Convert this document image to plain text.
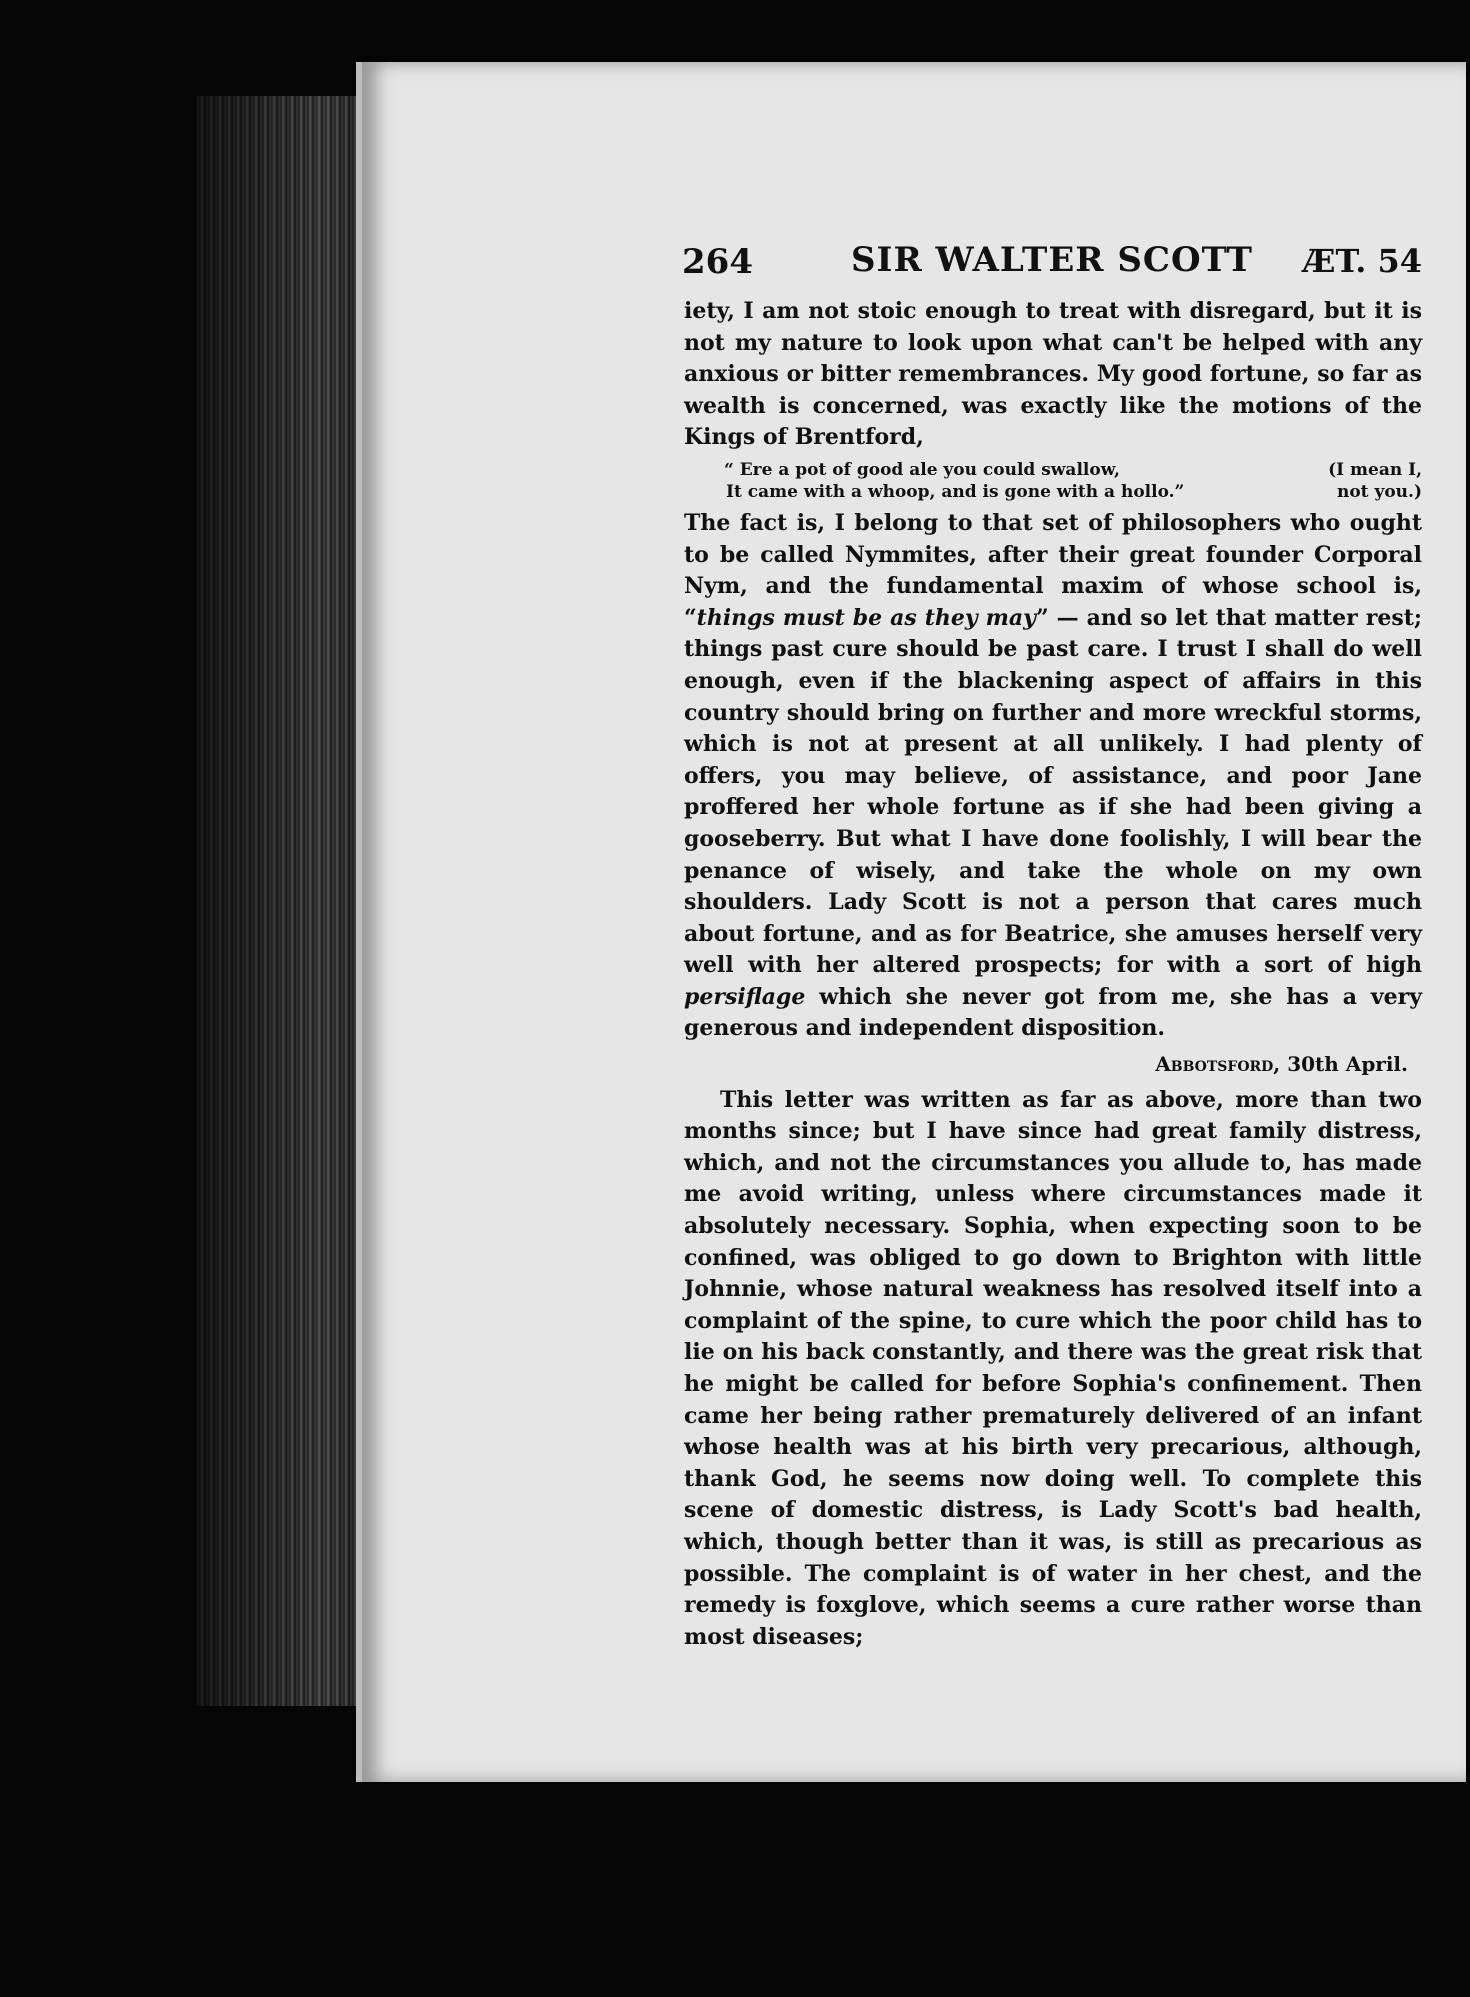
264	SIR WALTER SCOTT	ÆT. 54

iety, I am not stoic enough to treat with disregard, but it is not my nature to look upon what can't be helped with any anxious or bitter remembrances. My good fortune, so far as wealth is concerned, was exactly like the motions of the Kings of Brentford,

“ Ere a pot of good ale you could swallow,
It came with a whoop, and is gone with a hollo.”
(I mean I,
not you.)

The fact is, I belong to that set of philosophers who ought to be called Nymmites, after their great founder Corporal Nym, and the fundamental maxim of whose school is, “things must be as they may” — and so let that matter rest; things past cure should be past care. I trust I shall do well enough, even if the blackening aspect of affairs in this country should bring on further and more wreckful storms, which is not at present at all unlikely. I had plenty of offers, you may believe, of assistance, and poor Jane proffered her whole fortune as if she had been giving a gooseberry. But what I have done foolishly, I will bear the penance of wisely, and take the whole on my own shoulders. Lady Scott is not a person that cares much about fortune, and as for Beatrice, she amuses herself very well with her altered prospects; for with a sort of high persiflage which she never got from me, she has a very generous and independent disposition.

Abbotsford, 30th April.

This letter was written as far as above, more than two months since; but I have since had great family distress, which, and not the circumstances you allude to, has made me avoid writing, unless where circumstances made it absolutely necessary. Sophia, when expecting soon to be confined, was obliged to go down to Brighton with little Johnnie, whose natural weakness has resolved itself into a complaint of the spine, to cure which the poor child has to lie on his back constantly, and there was the great risk that he might be called for before Sophia's confinement. Then came her being rather prematurely delivered of an infant whose health was at his birth very precarious, although, thank God, he seems now doing well. To complete this scene of domestic distress, is Lady Scott's bad health, which, though better than it was, is still as precarious as possible. The complaint is of water in her chest, and the remedy is foxglove, which seems a cure rather worse than most diseases;
